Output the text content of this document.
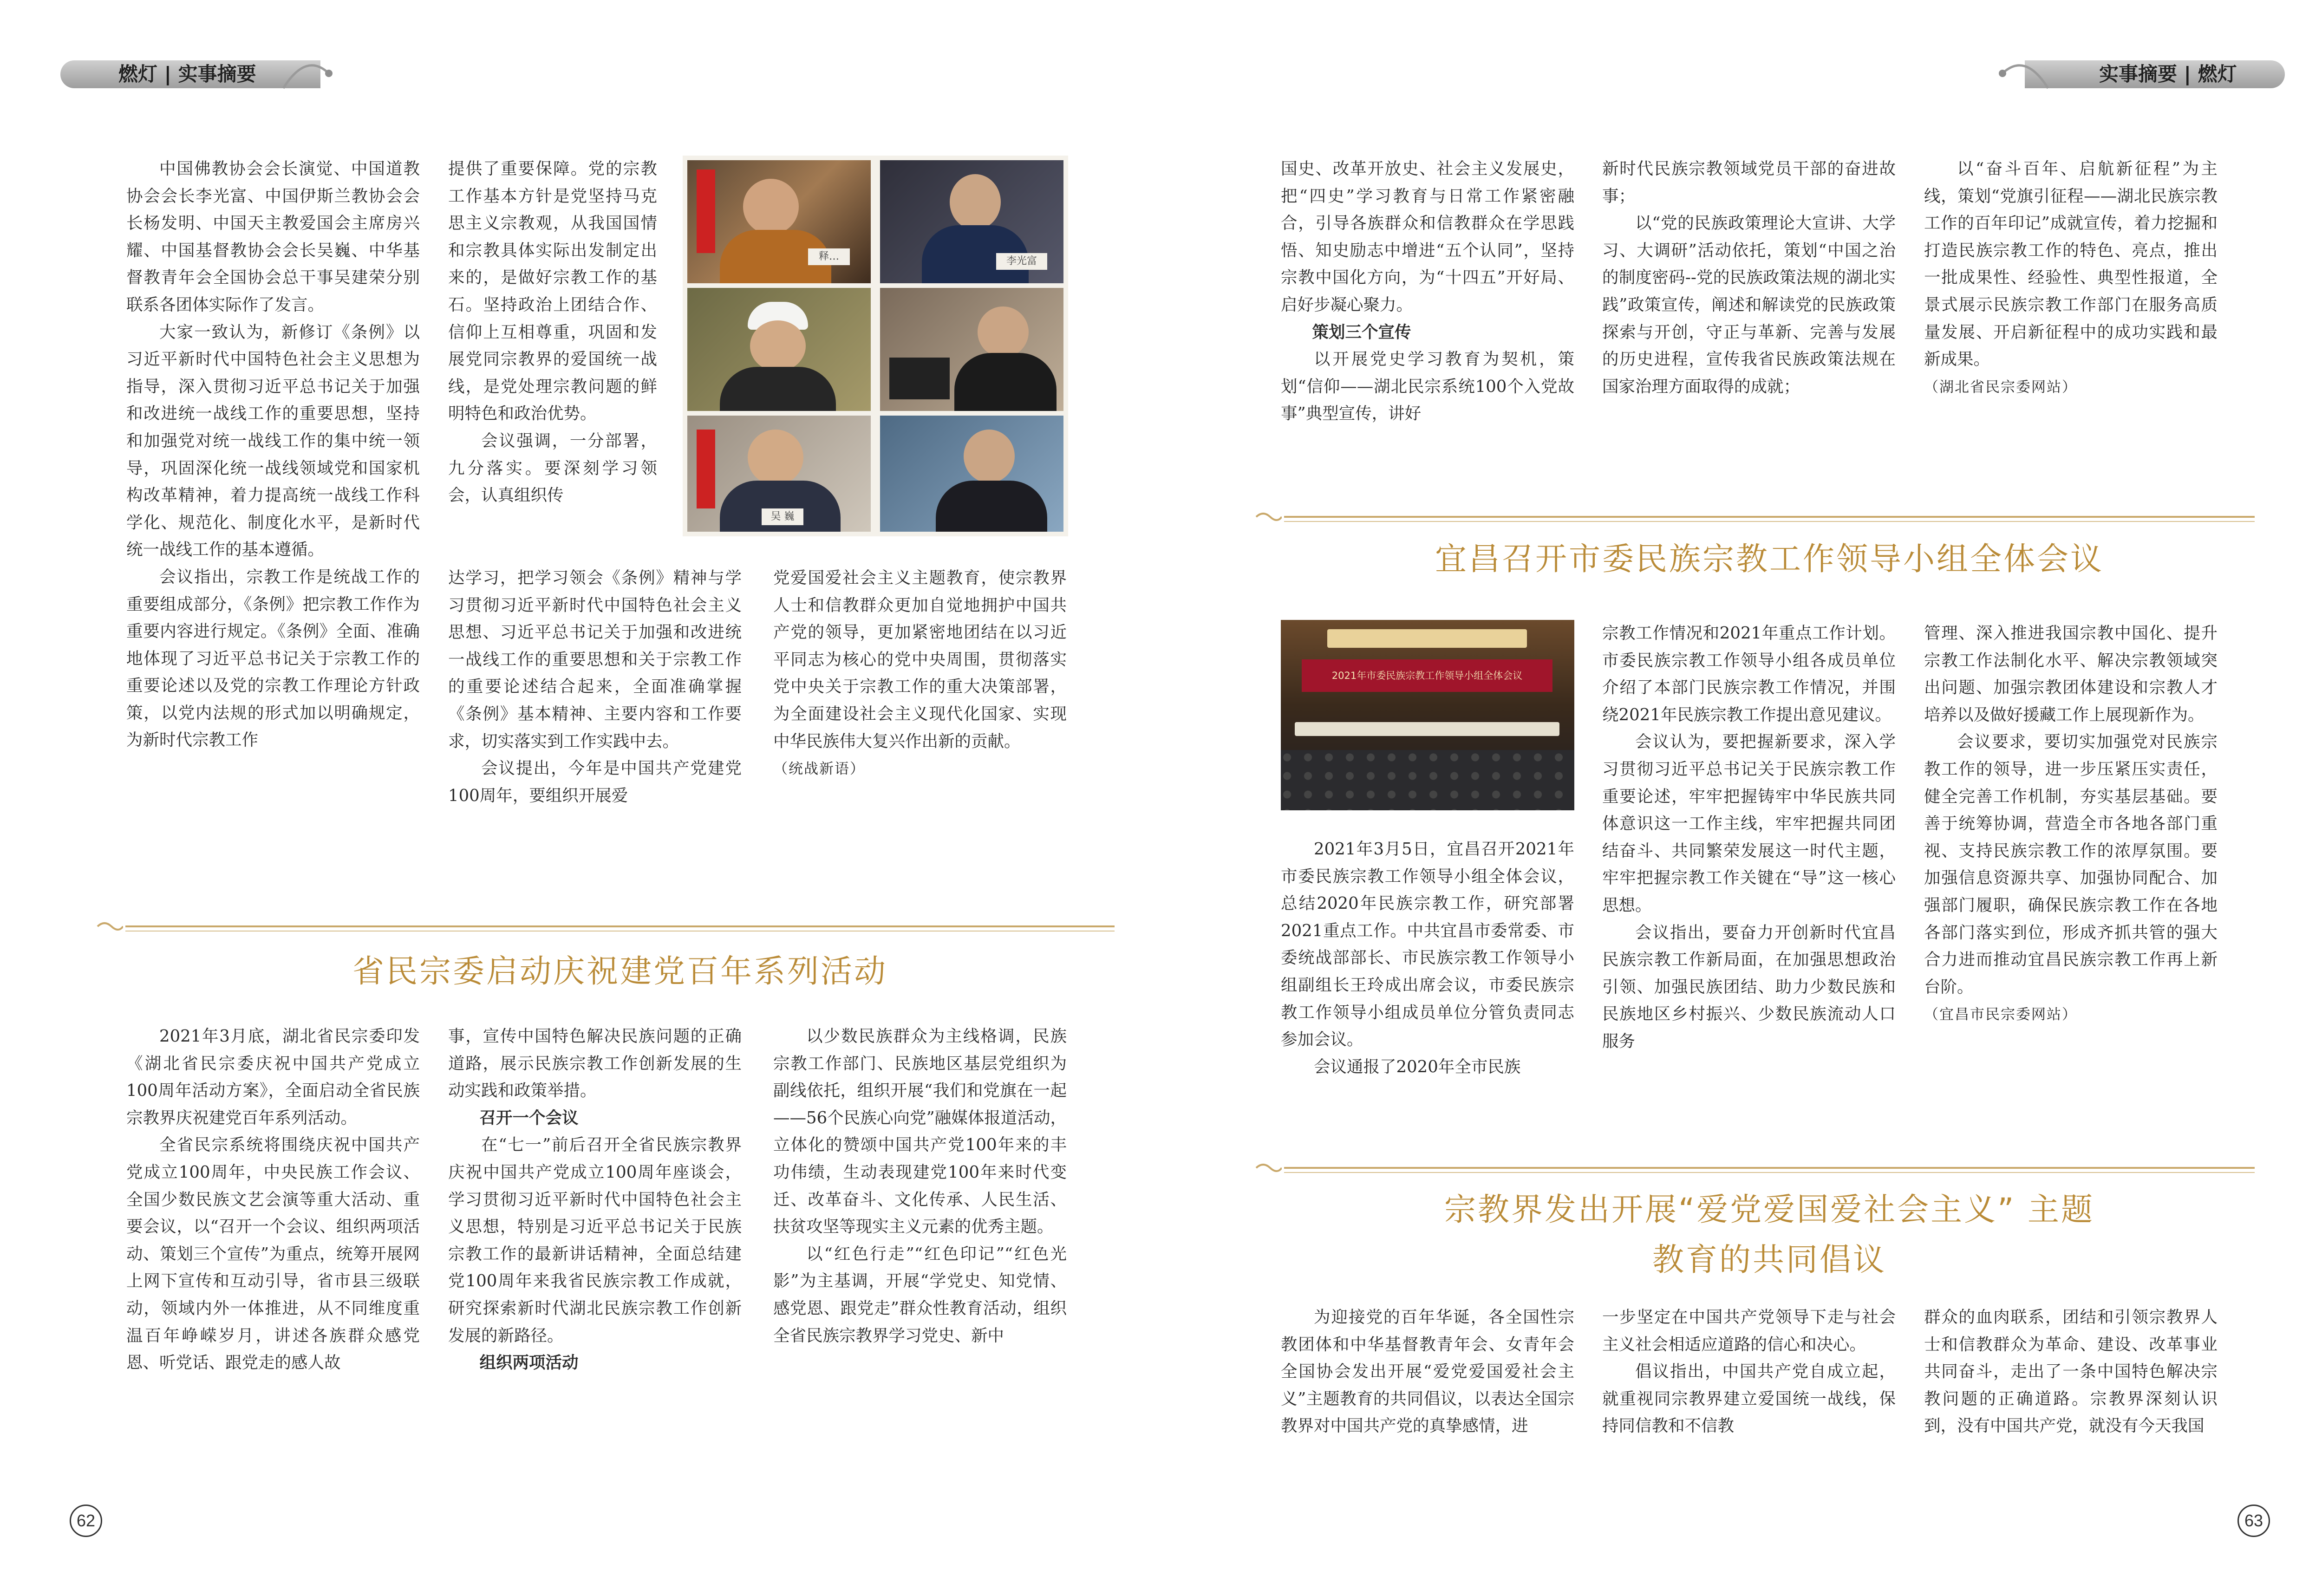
燃灯 | 实事摘要	实事摘要 | 燃灯

中国佛教协会会长演觉、中国道教协会会长李光富、中国伊斯兰教协会会长杨发明、中国天主教爱国会主席房兴耀、中国基督教协会会长吴巍、中华基督教青年会全国协会总干事吴建荣分别联系各团体实际作了发言。

大家一致认为，新修订《条例》以习近平新时代中国特色社会主义思想为指导，深入贯彻习近平总书记关于加强和改进统一战线工作的重要思想，坚持和加强党对统一战线工作的集中统一领导，巩固深化统一战线领域党和国家机构改革精神，着力提高统一战线工作科学化、规范化、制度化水平，是新时代统一战线工作的基本遵循。

会议指出，宗教工作是统战工作的重要组成部分，《条例》把宗教工作作为重要内容进行规定。《条例》全面、准确地体现了习近平总书记关于宗教工作的重要论述以及党的宗教工作理论方针政策，以党内法规的形式加以明确规定，为新时代宗教工作

提供了重要保障。党的宗教工作基本方针是党坚持马克思主义宗教观，从我国国情和宗教具体实际出发制定出来的，是做好宗教工作的基石。坚持政治上团结合作、信仰上互相尊重，巩固和发展党同宗教界的爱国统一战线，是党处理宗教问题的鲜明特色和政治优势。

会议强调，一分部署，九分落实。要深刻学习领会，认真组织传

达学习，把学习领会《条例》精神与学习贯彻习近平新时代中国特色社会主义思想、习近平总书记关于加强和改进统一战线工作的重要思想和关于宗教工作的重要论述结合起来，全面准确掌握《条例》基本精神、主要内容和工作要求，切实落实到工作实践中去。

会议提出，今年是中国共产党建党100周年，要组织开展爱

释…	李光富
吴 巍

党爱国爱社会主义主题教育，使宗教界人士和信教群众更加自觉地拥护中国共产党的领导，更加紧密地团结在以习近平同志为核心的党中央周围，贯彻落实党中央关于宗教工作的重大决策部署，为全面建设社会主义现代化国家、实现中华民族伟大复兴作出新的贡献。

（统战新语）
省民宗委启动庆祝建党百年系列活动

2021年3月底，湖北省民宗委印发《湖北省民宗委庆祝中国共产党成立100周年活动方案》，全面启动全省民族宗教界庆祝建党百年系列活动。

全省民宗系统将围绕庆祝中国共产党成立100周年，中央民族工作会议、全国少数民族文艺会演等重大活动、重要会议，以“召开一个会议、组织两项活动、策划三个宣传”为重点，统筹开展网上网下宣传和互动引导，省市县三级联动，领域内外一体推进，从不同维度重温百年峥嵘岁月，讲述各族群众感党恩、听党话、跟党走的感人故

事，宣传中国特色解决民族问题的正确道路，展示民族宗教工作创新发展的生动实践和政策举措。

召开一个会议

在“七一”前后召开全省民族宗教界庆祝中国共产党成立100周年座谈会，学习贯彻习近平新时代中国特色社会主义思想，特别是习近平总书记关于民族宗教工作的最新讲话精神，全面总结建党100周年来我省民族宗教工作成就，研究探索新时代湖北民族宗教工作创新发展的新路径。

组织两项活动

以少数民族群众为主线格调，民族宗教工作部门、民族地区基层党组织为副线依托，组织开展“我们和党旗在一起——56个民族心向党”融媒体报道活动，立体化的赞颂中国共产党100年来的丰功伟绩，生动表现建党100年来时代变迁、改革奋斗、文化传承、人民生活、扶贫攻坚等现实主义元素的优秀主题。

以“红色行走”“红色印记”“红色光影”为主基调，开展“学党史、知党情、感党恩、跟党走”群众性教育活动，组织全省民族宗教界学习党史、新中

62

国史、改革开放史、社会主义发展史，把“四史”学习教育与日常工作紧密融合，引导各族群众和信教群众在学思践悟、知史励志中增进“五个认同”，坚持宗教中国化方向，为“十四五”开好局、启好步凝心聚力。

策划三个宣传

以开展党史学习教育为契机，策划“信仰——湖北民宗系统100个入党故事”典型宣传，讲好

新时代民族宗教领域党员干部的奋进故事；

以“党的民族政策理论大宣讲、大学习、大调研”活动依托，策划“中国之治的制度密码--党的民族政策法规的湖北实践”政策宣传，阐述和解读党的民族政策探索与开创，守正与革新、完善与发展的历史进程，宣传我省民族政策法规在国家治理方面取得的成就；

以“奋斗百年、启航新征程”为主线，策划“党旗引征程——湖北民族宗教工作的百年印记”成就宣传，着力挖掘和打造民族宗教工作的特色、亮点，推出一批成果性、经验性、典型性报道，全景式展示民族宗教工作部门在服务高质量发展、开启新征程中的成功实践和最新成果。

（湖北省民宗委网站）
宜昌召开市委民族宗教工作领导小组全体会议
2021年市委民族宗教工作领导小组全体会议

2021年3月5日，宜昌召开2021年市委民族宗教工作领导小组全体会议，总结2020年民族宗教工作，研究部署2021重点工作。中共宜昌市委常委、市委统战部部长、市民族宗教工作领导小组副组长王玲成出席会议，市委民族宗教工作领导小组成员单位分管负责同志参加会议。

会议通报了2020年全市民族

宗教工作情况和2021年重点工作计划。市委民族宗教工作领导小组各成员单位介绍了本部门民族宗教工作情况，并围绕2021年民族宗教工作提出意见建议。

会议认为，要把握新要求，深入学习贯彻习近平总书记关于民族宗教工作重要论述，牢牢把握铸牢中华民族共同体意识这一工作主线，牢牢把握共同团结奋斗、共同繁荣发展这一时代主题，牢牢把握宗教工作关键在“导”这一核心思想。

会议指出，要奋力开创新时代宜昌民族宗教工作新局面，在加强思想政治引领、加强民族团结、助力少数民族和民族地区乡村振兴、少数民族流动人口服务

管理、深入推进我国宗教中国化、提升宗教工作法制化水平、解决宗教领域突出问题、加强宗教团体建设和宗教人才培养以及做好援藏工作上展现新作为。

会议要求，要切实加强党对民族宗教工作的领导，进一步压紧压实责任，健全完善工作机制，夯实基层基础。要善于统筹协调，营造全市各地各部门重视、支持民族宗教工作的浓厚氛围。要加强信息资源共享、加强协同配合、加强部门履职，确保民族宗教工作在各地各部门落实到位，形成齐抓共管的强大合力进而推动宜昌民族宗教工作再上新台阶。

（宜昌市民宗委网站）
宗教界发出开展“爱党爱国爱社会主义” 主题
教育的共同倡议

为迎接党的百年华诞，各全国性宗教团体和中华基督教青年会、女青年会全国协会发出开展“爱党爱国爱社会主义”主题教育的共同倡议，以表达全国宗教界对中国共产党的真挚感情，进

一步坚定在中国共产党领导下走与社会主义社会相适应道路的信心和决心。

倡议指出，中国共产党自成立起，就重视同宗教界建立爱国统一战线，保持同信教和不信教

群众的血肉联系，团结和引领宗教界人士和信教群众为革命、建设、改革事业共同奋斗，走出了一条中国特色解决宗教问题的正确道路。宗教界深刻认识到，没有中国共产党，就没有今天我国

63
